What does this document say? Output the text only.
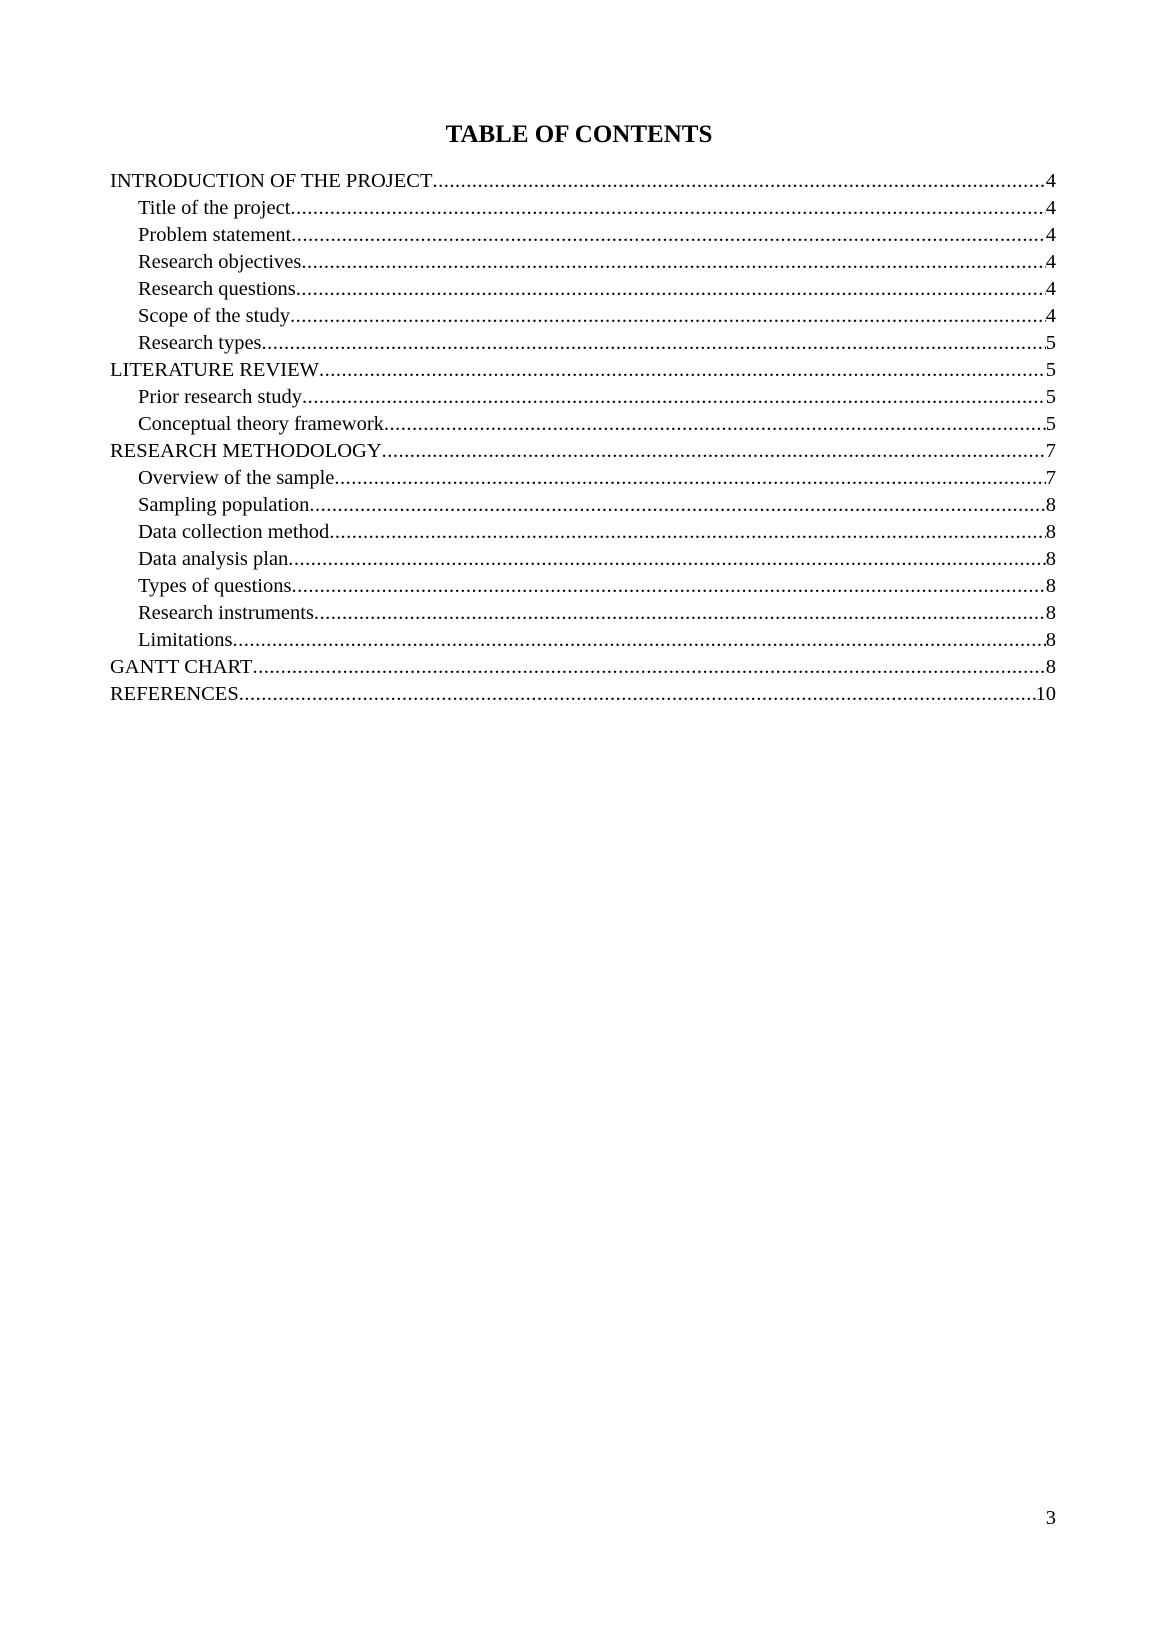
TABLE OF CONTENTS
INTRODUCTION OF THE PROJECT .....	4
Title of the project .....	4
Problem statement .....	4
Research objectives .....	4
Research questions .....	4
Scope of the study .....	4
Research types .....	5
LITERATURE REVIEW .....	5
Prior research study .....	5
Conceptual theory framework .....	5
RESEARCH METHODOLOGY .....	7
Overview of the sample .....	7
Sampling population .....	8
Data collection method .....	8
Data analysis plan .....	8
Types of questions .....	8
Research instruments .....	8
Limitations .....	8
GANTT CHART .....	8
REFERENCES .....	10

3
